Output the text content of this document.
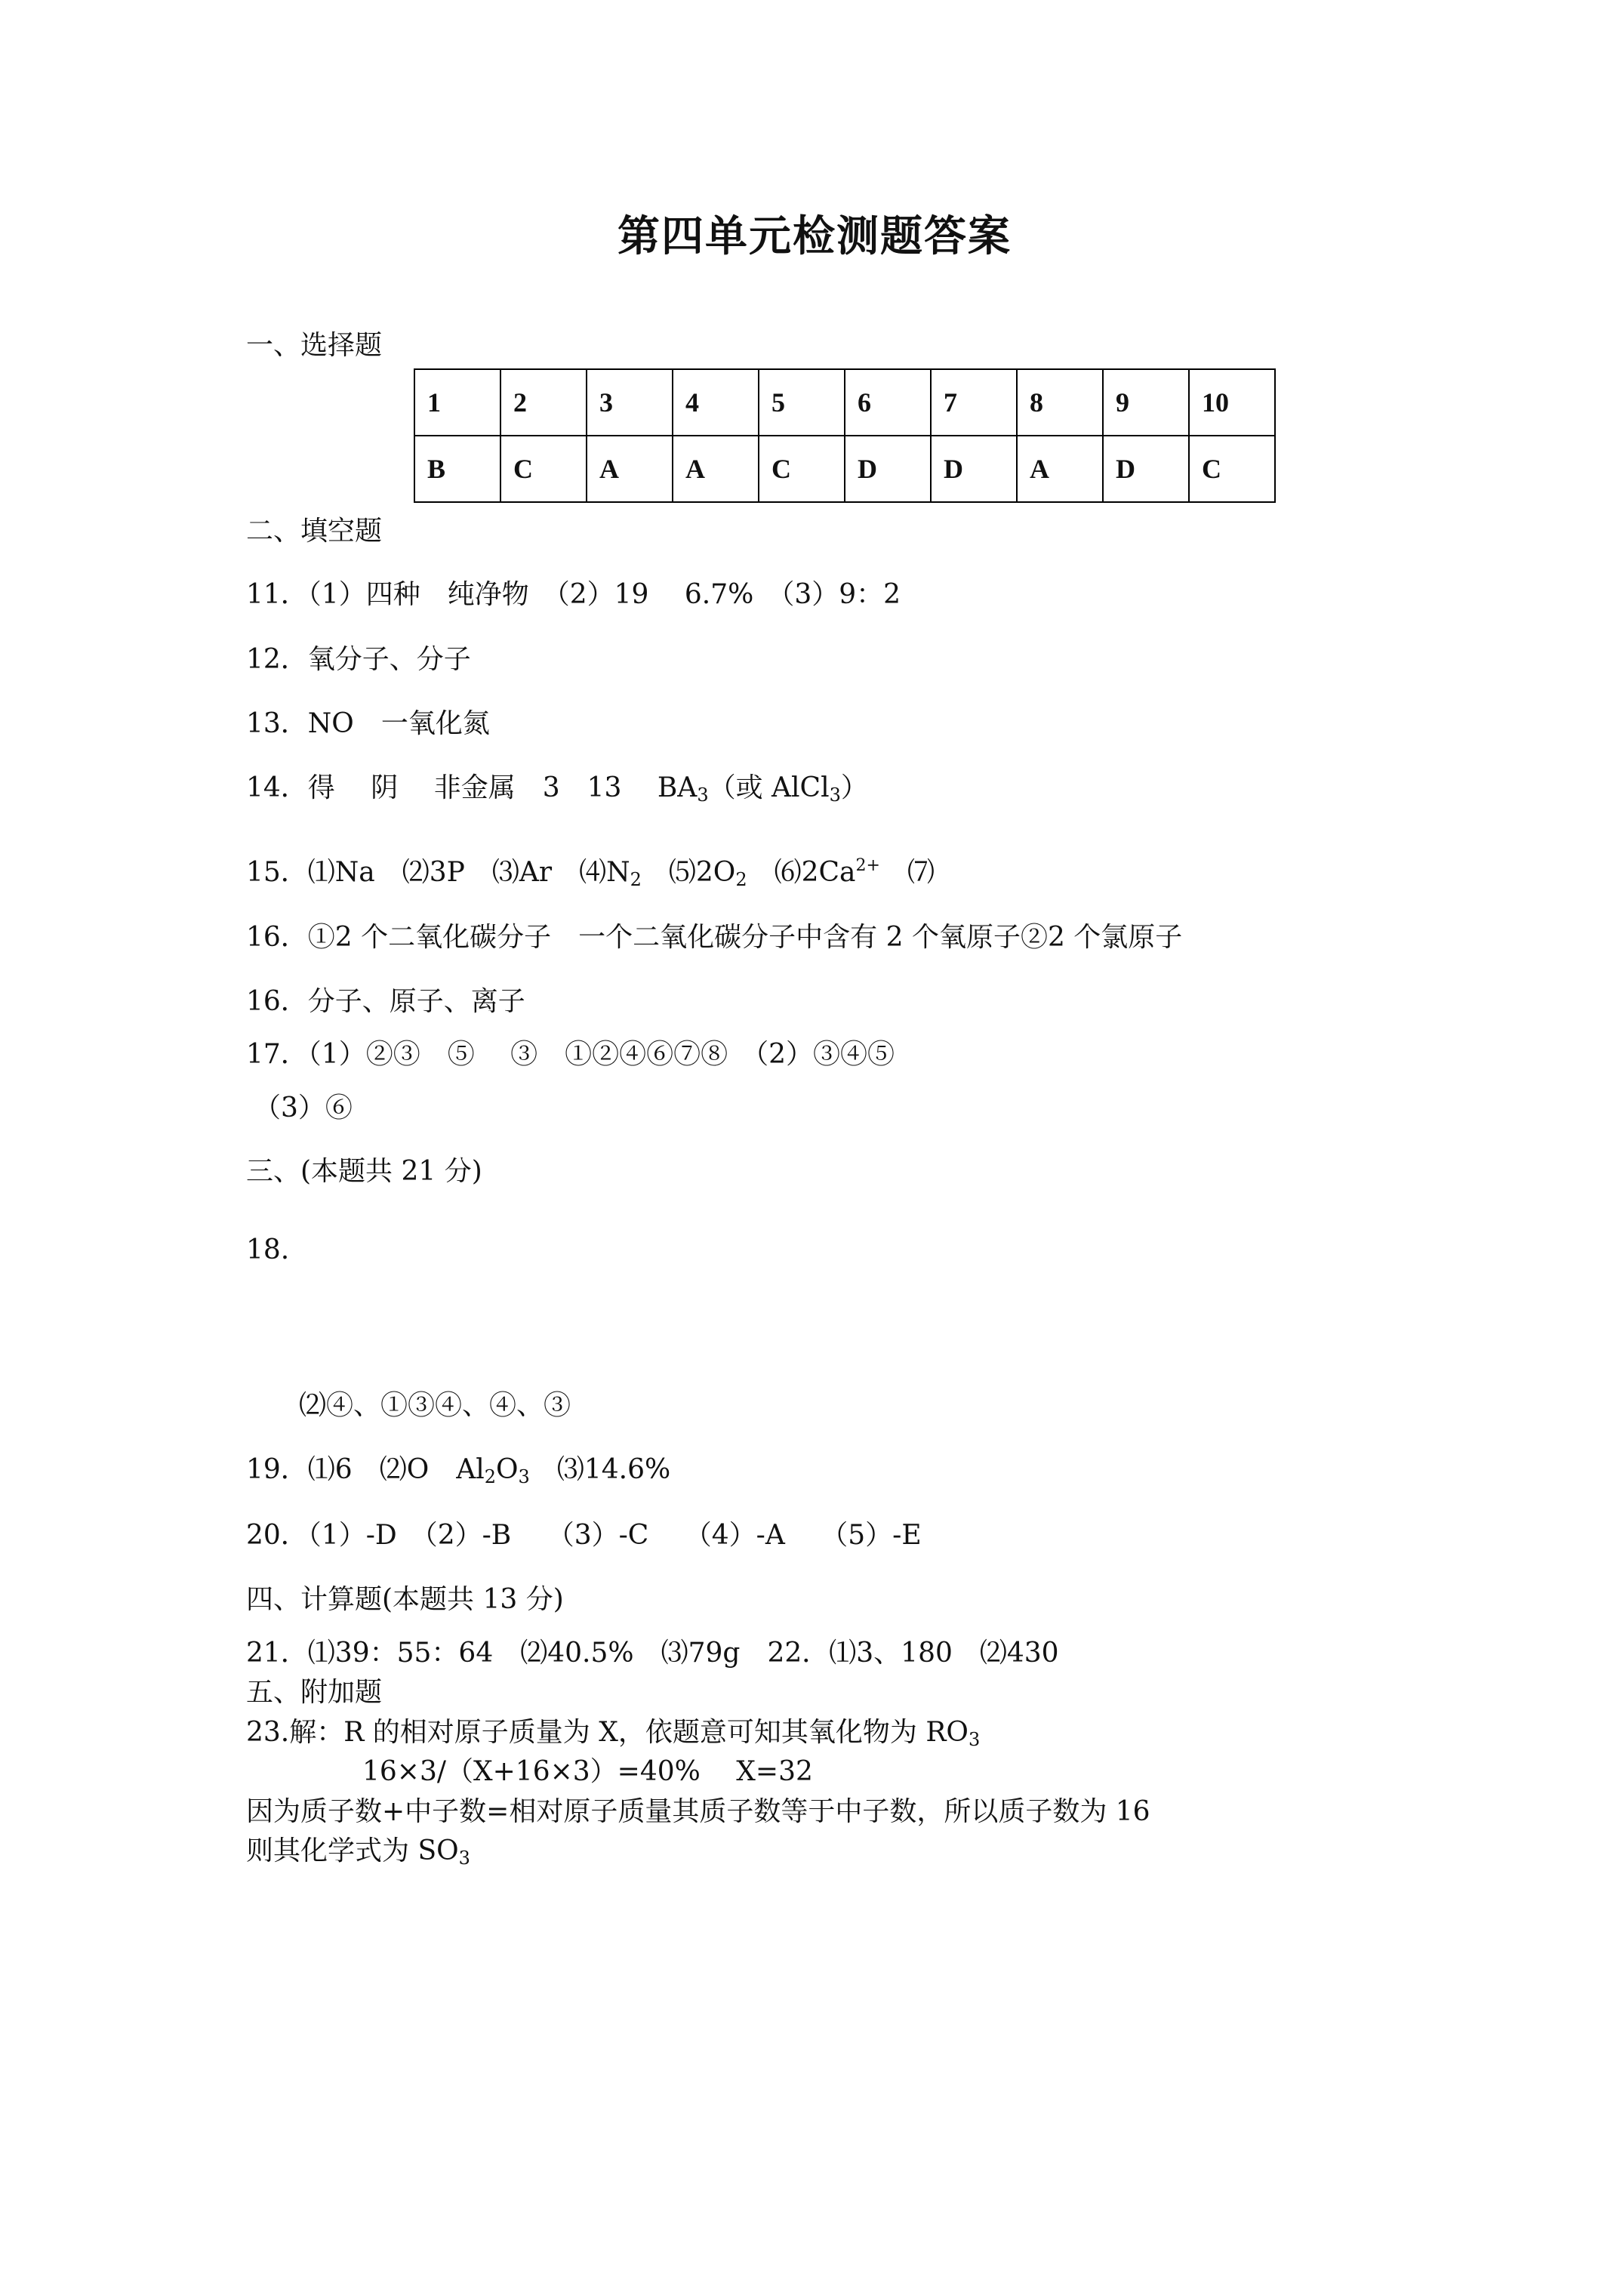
第四单元检测题答案
一、选择题
1	2	3	4	5	6	7	8	9	10
B	C	A	A	C	D	D	A	D	C
二、填空题
11．（1）四种　纯净物　（2）19　 6.7%　（3）9：2
12．氧分子、分子
13．NO　一氧化氮
14．得　 阴　 非金属　3　13　 $BA_3$（或 AlCl$_3$）
15．⑴Na　⑵3P　⑶Ar　$⑷N_2$　$⑸2O_2$　$⑹2Ca^{2+}$　⑺
16．①2 个二氧化碳分子　一个二氧化碳分子中含有 2 个氧原子②2 个氯原子
16．分子、原子、离子
17．（1）②③　⑤　 ③　①②④⑥⑦⑧　（2）③④⑤
（3）⑥
三、(本题共 21 分)
18.
⑵④、①③④、④、③
19．⑴6　⑵O　$Al_2O_3$　⑶14.6%
20．（1）-D　（2）-B　 （3）-C　 （4）-A　 （5）-E
四、计算题(本题共 13 分)
21．⑴39：55：64　⑵40.5%　⑶79g　22．⑴3、180　⑵430
五、附加题
23.解：R 的相对原子质量为 X，依题意可知其氧化物为 $RO_3$
16×3/（X+16×3）=40%　 X=32
因为质子数+中子数=相对原子质量其质子数等于中子数，所以质子数为 16
则其化学式为 $SO_3$
